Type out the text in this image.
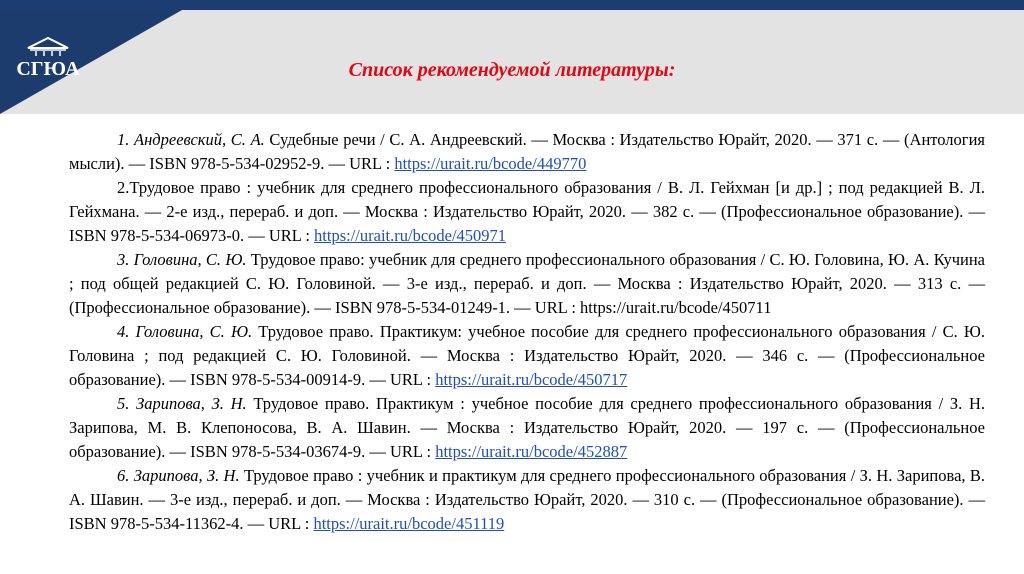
СГЮА	Список рекомендуемой литературы:

1. Андреевский, С. А. Судебные речи / С. А. Андреевский. — Москва : Издательство Юрайт, 2020. — 371 с. — (Антология мысли). — ISBN 978-5-534-02952-9. — URL : https://urait.ru/bcode/449770

2.Трудовое право : учебник для среднего профессионального образования / В. Л. Гейхман [и др.] ; под редакцией В. Л. Гейхмана. — 2-е изд., перераб. и доп. — Москва : Издательство Юрайт, 2020. — 382 с. — (Профессиональное образование). — ISBN 978-5-534-06973-0. — URL : https://urait.ru/bcode/450971

3. Головина, С. Ю. Трудовое право: учебник для среднего профессионального образования / С. Ю. Головина, Ю. А. Кучина ; под общей редакцией С. Ю. Головиной. — 3-е изд., перераб. и доп. — Москва : Издательство Юрайт, 2020. — 313 с. — (Профессиональное образование). — ISBN 978-5-534-01249-1. — URL : https://urait.ru/bcode/450711

4. Головина, С. Ю. Трудовое право. Практикум: учебное пособие для среднего профессионального образования / С. Ю. Головина ; под редакцией С. Ю. Головиной. — Москва : Издательство Юрайт, 2020. — 346 с. — (Профессиональное образование). — ISBN 978-5-534-00914-9. — URL : https://urait.ru/bcode/450717

5. Зарипова, З. Н. Трудовое право. Практикум : учебное пособие для среднего профессионального образования / З. Н. Зарипова, М. В. Клепоносова, В. А. Шавин. — Москва : Издательство Юрайт, 2020. — 197 с. — (Профессиональное образование). — ISBN 978-5-534-03674-9. — URL : https://urait.ru/bcode/452887

6. Зарипова, З. Н. Трудовое право : учебник и практикум для среднего профессионального образования / З. Н. Зарипова, В. А. Шавин. — 3-е изд., перераб. и доп. — Москва : Издательство Юрайт, 2020. — 310 с. — (Профессиональное образование). — ISBN 978-5-534-11362-4. — URL : https://urait.ru/bcode/451119
